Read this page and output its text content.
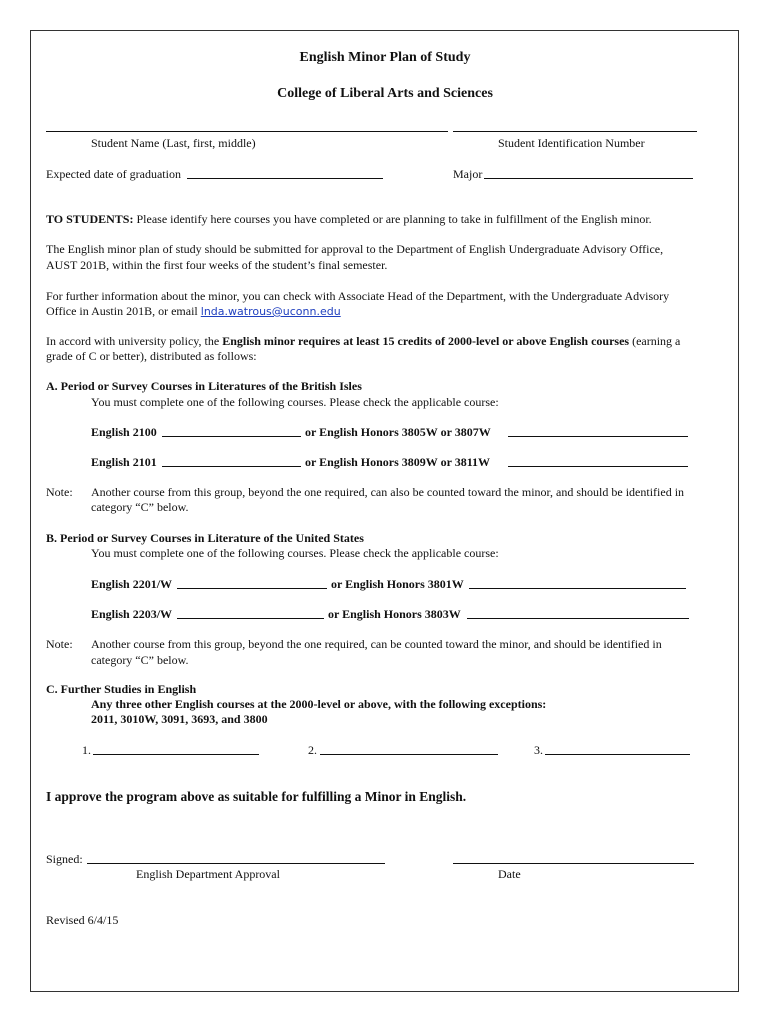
English Minor Plan of Study
College of Liberal Arts and Sciences
Student Name (Last, first, middle)	Student Identification Number
Expected date of graduation	Major
TO STUDENTS: Please identify here courses you have completed or are planning to take in fulfillment of the English minor.
The English minor plan of study should be submitted for approval to the Department of English Undergraduate Advisory Office,
AUST 201B, within the first four weeks of the student’s final semester.
For further information about the minor, you can check with Associate Head of the Department, with the Undergraduate Advisory
Office in Austin 201B, or email lnda.watrous@uconn.edu
In accord with university policy, the English minor requires at least 15 credits of 2000-level or above English courses (earning a
grade of C or better), distributed as follows:
A. Period or Survey Courses in Literatures of the British Isles
You must complete one of the following courses. Please check the applicable course:
English 2100	or English Honors 3805W or 3807W
English 2101	or English Honors 3809W or 3811W
Note: Another course from this group, beyond the one required, can also be counted toward the minor, and should be identified in
category “C” below.
B. Period or Survey Courses in Literature of the United States
You must complete one of the following courses. Please check the applicable course:
English 2201/W	or English Honors 3801W
English 2203/W	or English Honors 3803W
Note: Another course from this group, beyond the one required, can be counted toward the minor, and should be identified in
category “C” below.
C. Further Studies in English
Any three other English courses at the 2000-level or above, with the following exceptions:
2011, 3010W, 3091, 3693, and 3800
1.	2.	3.
I approve the program above as suitable for fulfilling a Minor in English.
Signed:
English Department Approval	Date
Revised 6/4/15
